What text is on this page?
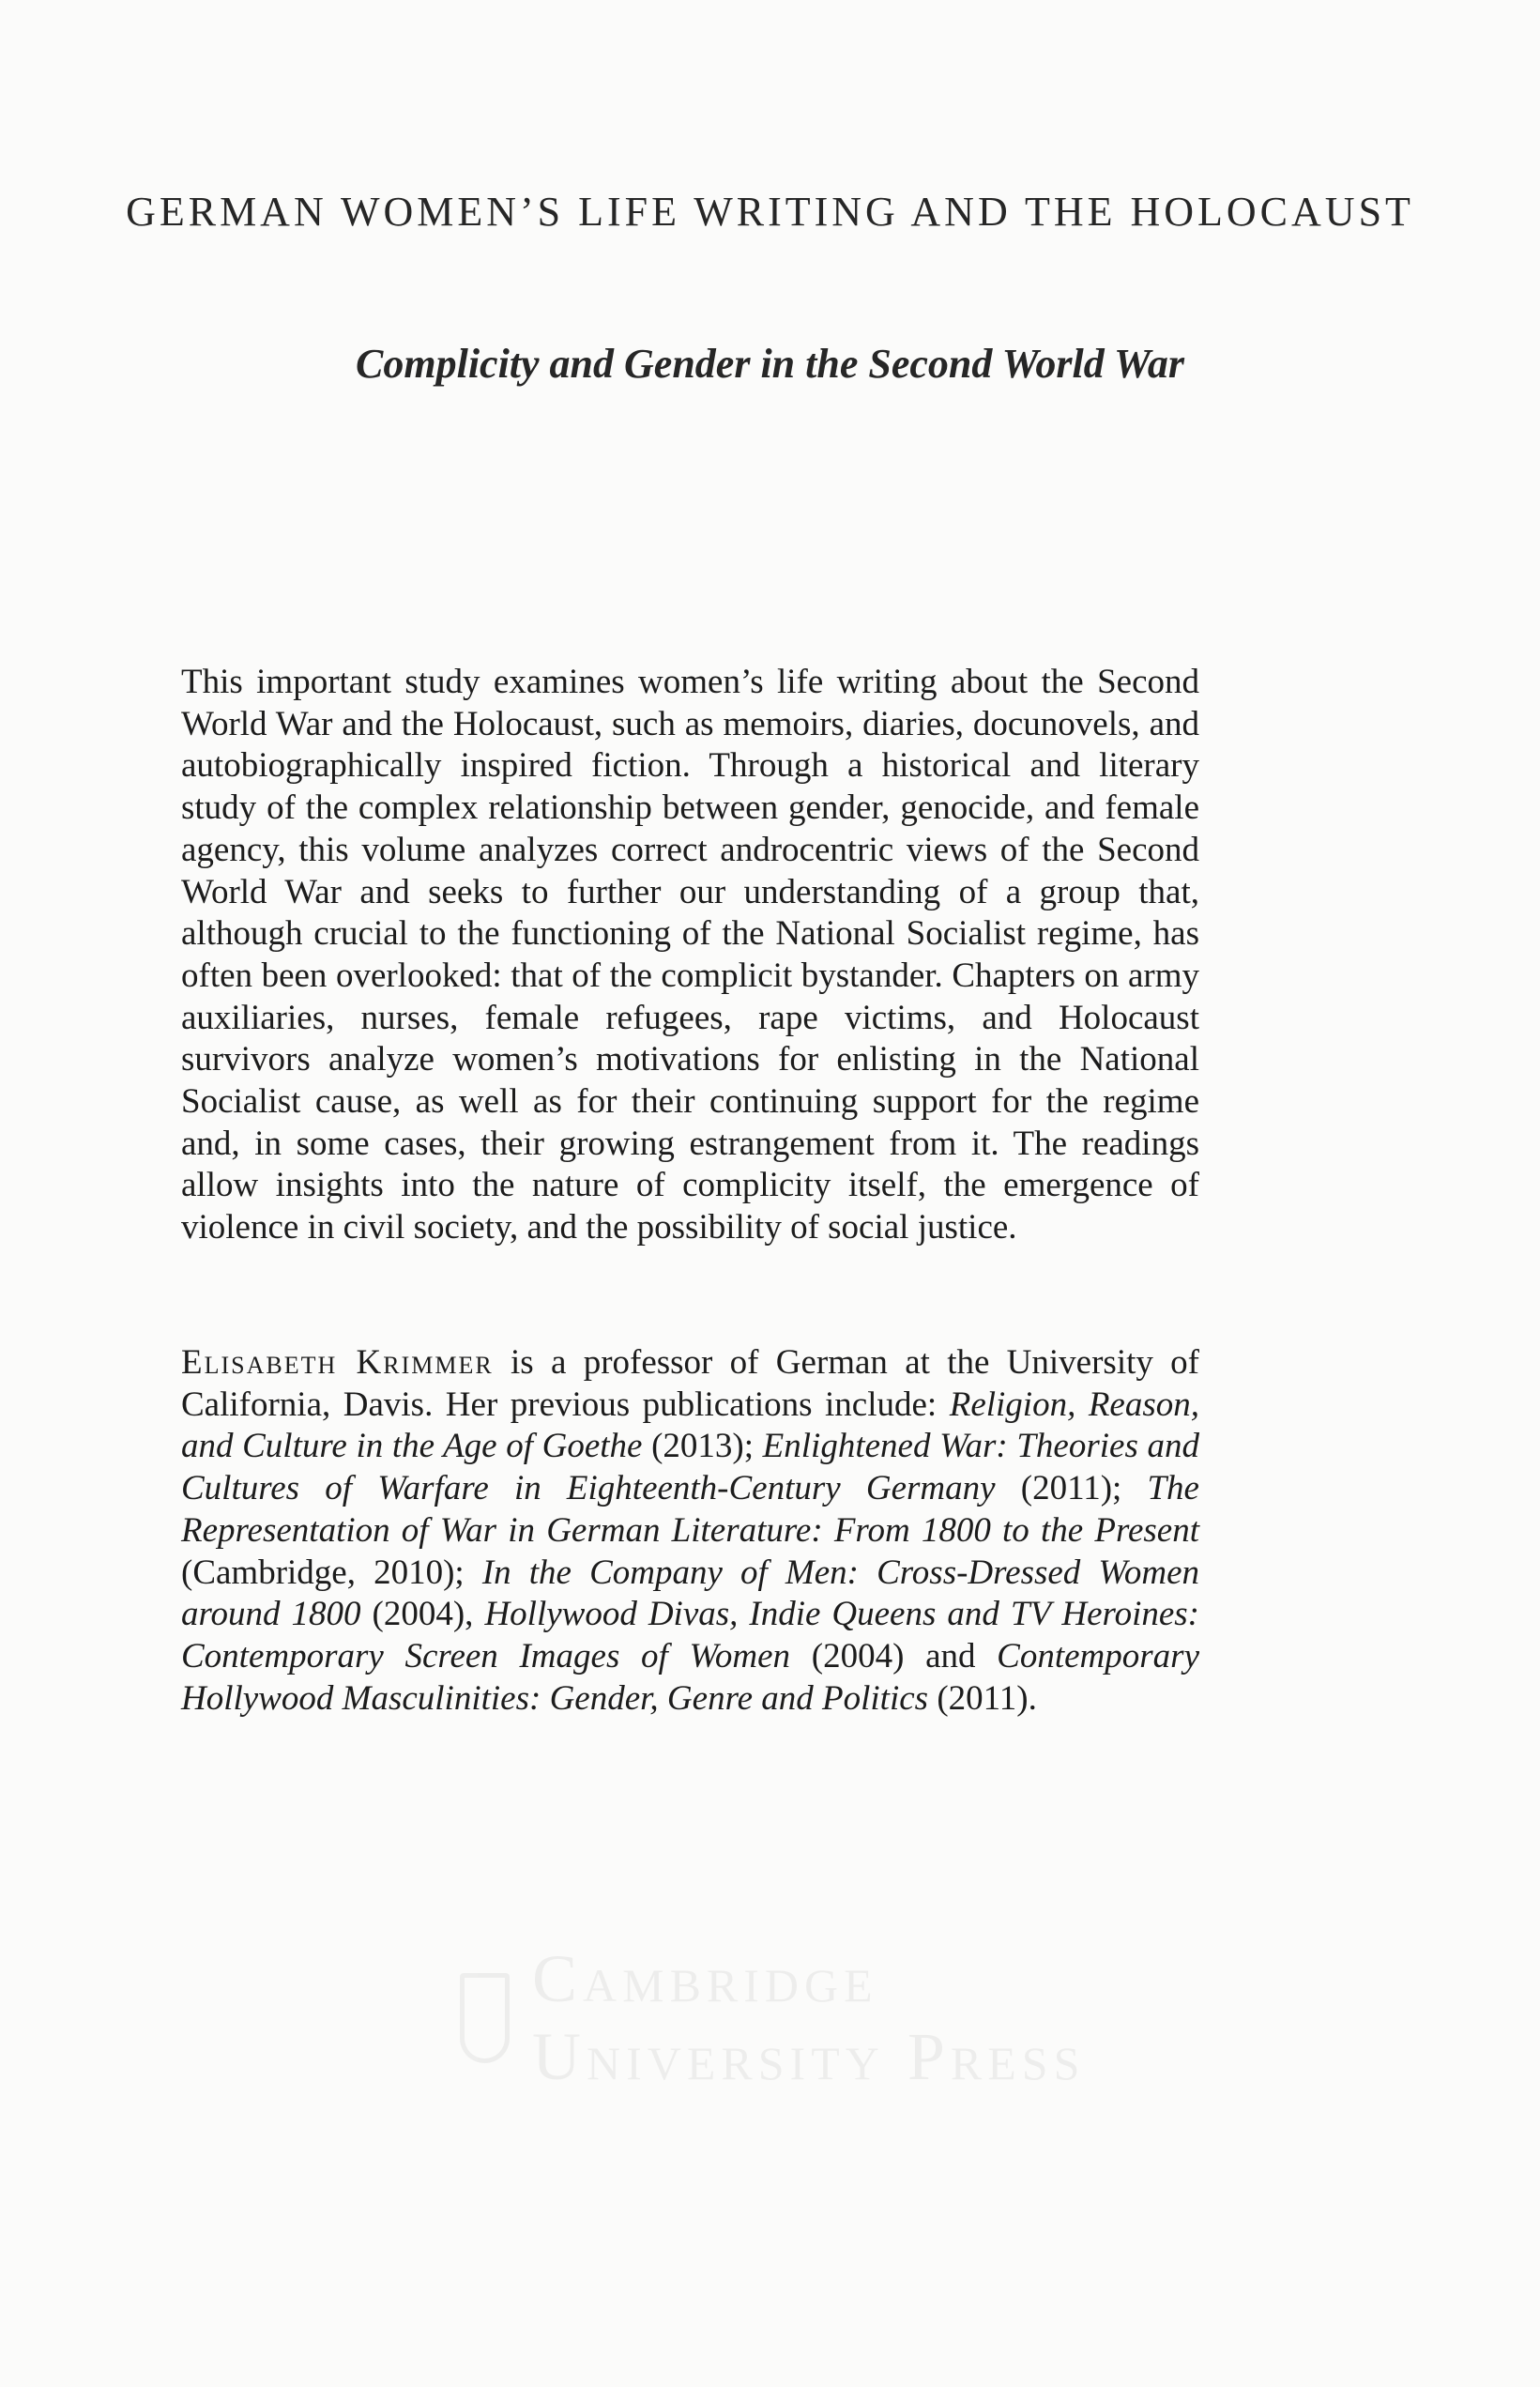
GERMAN WOMEN’S LIFE WRITING AND THE HOLOCAUST
Complicity and Gender in the Second World War

This important study examines women’s life writing about the Second World War and the Holocaust, such as memoirs, diaries, docunovels, and autobiographically inspired fiction. Through a historical and literary study of the complex relationship between gender, genocide, and female agency, this volume analyzes correct androcentric views of the Second World War and seeks to further our understanding of a group that, although crucial to the functioning of the National Socialist regime, has often been overlooked: that of the complicit bystander. Chapters on army auxiliaries, nurses, female refugees, rape victims, and Holocaust survivors analyze women’s motivations for enlisting in the National Socialist cause, as well as for their continuing support for the regime and, in some cases, their growing estrangement from it. The readings allow insights into the nature of complicity itself, the emergence of violence in civil society, and the possibility of social justice.

Elisabeth Krimmer is a professor of German at the University of California, Davis. Her previous publications include: Religion, Reason, and Culture in the Age of Goethe (2013); Enlightened War: Theories and Cultures of Warfare in Eighteenth-Century Germany (2011); The Representation of War in German Literature: From 1800 to the Present (Cambridge, 2010); In the Company of Men: Cross-Dressed Women around 1800 (2004), Hollywood Divas, Indie Queens and TV Heroines: Contemporary Screen Images of Women (2004) and Contemporary Hollywood Masculinities: Gender, Genre and Politics (2011).

Cambridge University Press
